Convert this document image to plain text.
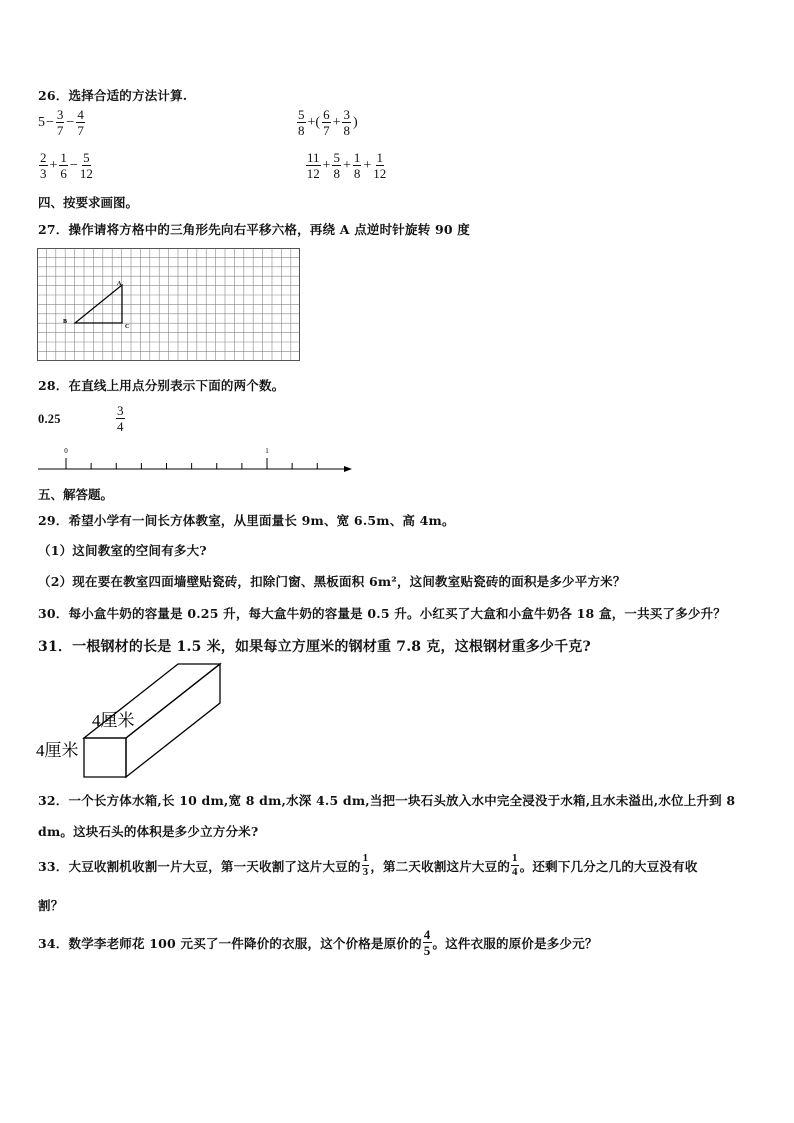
26．选择合适的方法计算.
$5 - \frac{3}{7} - \frac{4}{7}$	$\frac{5}{8}$ +( $\frac{6}{7} + \frac{3}{8}$ )
$\frac{2}{3} + \frac{1}{6} - \frac{5}{12}$	$\frac{11}{12} + \frac{5}{8} + \frac{1}{8} + \frac{1}{12}$
四、按要求画图。
27．操作请将方格中的三角形先向右平移六格，再绕 A 点逆时针旋转 90 度
A
B
C
28．在直线上用点分别表示下面的两个数。
0.25	$\frac{3}{4}$
0	1
五、解答题。
29．希望小学有一间长方体教室，从里面量长 9m、宽 6.5m、高 4m。
（1）这间教室的空间有多大?
（2）现在要在教室四面墙壁贴瓷砖，扣除门窗、黑板面积 6m²，这间教室贴瓷砖的面积是多少平方米？
30．每小盒牛奶的容量是 0.25 升，每大盒牛奶的容量是 0.5 升。小红买了大盒和小盒牛奶各 18 盒，一共买了多少升？
31．一根钢材的长是 1.5 米，如果每立方厘米的钢材重 7.8 克，这根钢材重多少千克?
4厘米
4厘米
32．一个长方体水箱,长 10 dm,宽 8 dm,水深 4.5 dm,当把一块石头放入水中完全浸没于水箱,且水未溢出,水位上升到 8
dm。这块石头的体积是多少立方分米?
33．大豆收割机收割一片大豆，第一天收割了这片大豆的 $\frac{1}{3}$ ，第二天收割这片大豆的 $\frac{1}{4}$ 。还剩下几分之几的大豆没有收
割？
34．数学李老师花 100 元买了一件降价的衣服，这个价格是原价的 $\frac{4}{5}$ 。这件衣服的原价是多少元？
